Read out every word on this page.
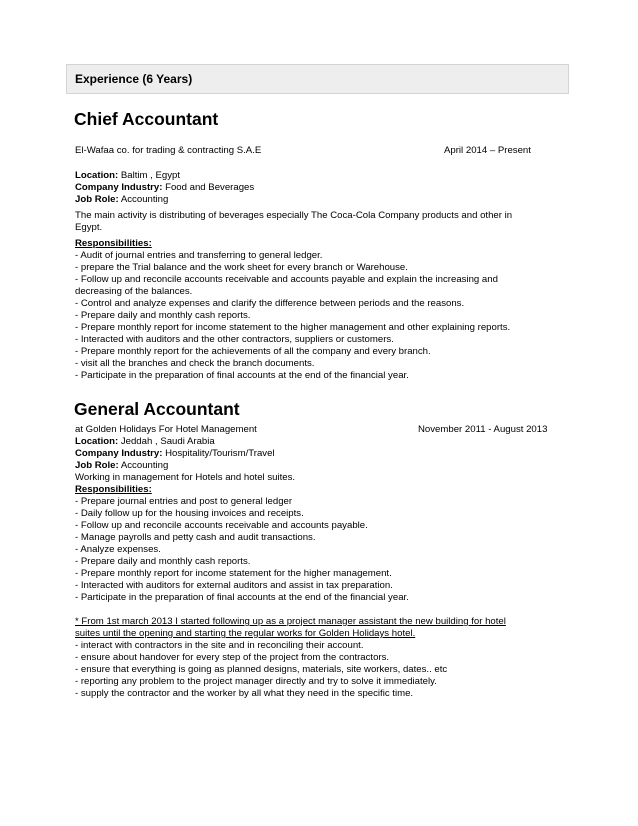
Experience (6 Years)
Chief Accountant
El-Wafaa co. for trading & contracting S.A.E	April 2014 – Present
Location: Baltim , Egypt
Company Industry: Food and Beverages
Job Role: Accounting
The main activity is distributing of beverages especially The Coca-Cola Company products and other in
Egypt.
Responsibilities:
- Audit of journal entries and transferring to general ledger.
- prepare the Trial balance and the work sheet for every branch or Warehouse.
- Follow up and reconcile accounts receivable and accounts payable and explain the increasing and
decreasing of the balances.
- Control and analyze expenses and clarify the difference between periods and the reasons.
- Prepare daily and monthly cash reports.
- Prepare monthly report for income statement to the higher management and other explaining reports.
- Interacted with auditors and the other contractors, suppliers or customers.
- Prepare monthly report for the achievements of all the company and every branch.
- visit all the branches and check the branch documents.
- Participate in the preparation of final accounts at the end of the financial year.
General Accountant
at Golden Holidays For Hotel Management	November 2011 - August 2013
Location: Jeddah , Saudi Arabia
Company Industry: Hospitality/Tourism/Travel
Job Role: Accounting
Working in management for Hotels and hotel suites.
Responsibilities:
- Prepare journal entries and post to general ledger
- Daily follow up for the housing invoices and receipts.
- Follow up and reconcile accounts receivable and accounts payable.
- Manage payrolls and petty cash and audit transactions.
- Analyze expenses.
- Prepare daily and monthly cash reports.
- Prepare monthly report for income statement for the higher management.
- Interacted with auditors for external auditors and assist in tax preparation.
- Participate in the preparation of final accounts at the end of the financial year.
* From 1st march 2013 I started following up as a project manager assistant the new building for hotel
suites until the opening and starting the regular works for Golden Holidays hotel.
- interact with contractors in the site and in reconciling their account.
- ensure about handover for every step of the project from the contractors.
- ensure that everything is going as planned designs, materials, site workers, dates.. etc
- reporting any problem to the project manager directly and try to solve it immediately.
- supply the contractor and the worker by all what they need in the specific time.
